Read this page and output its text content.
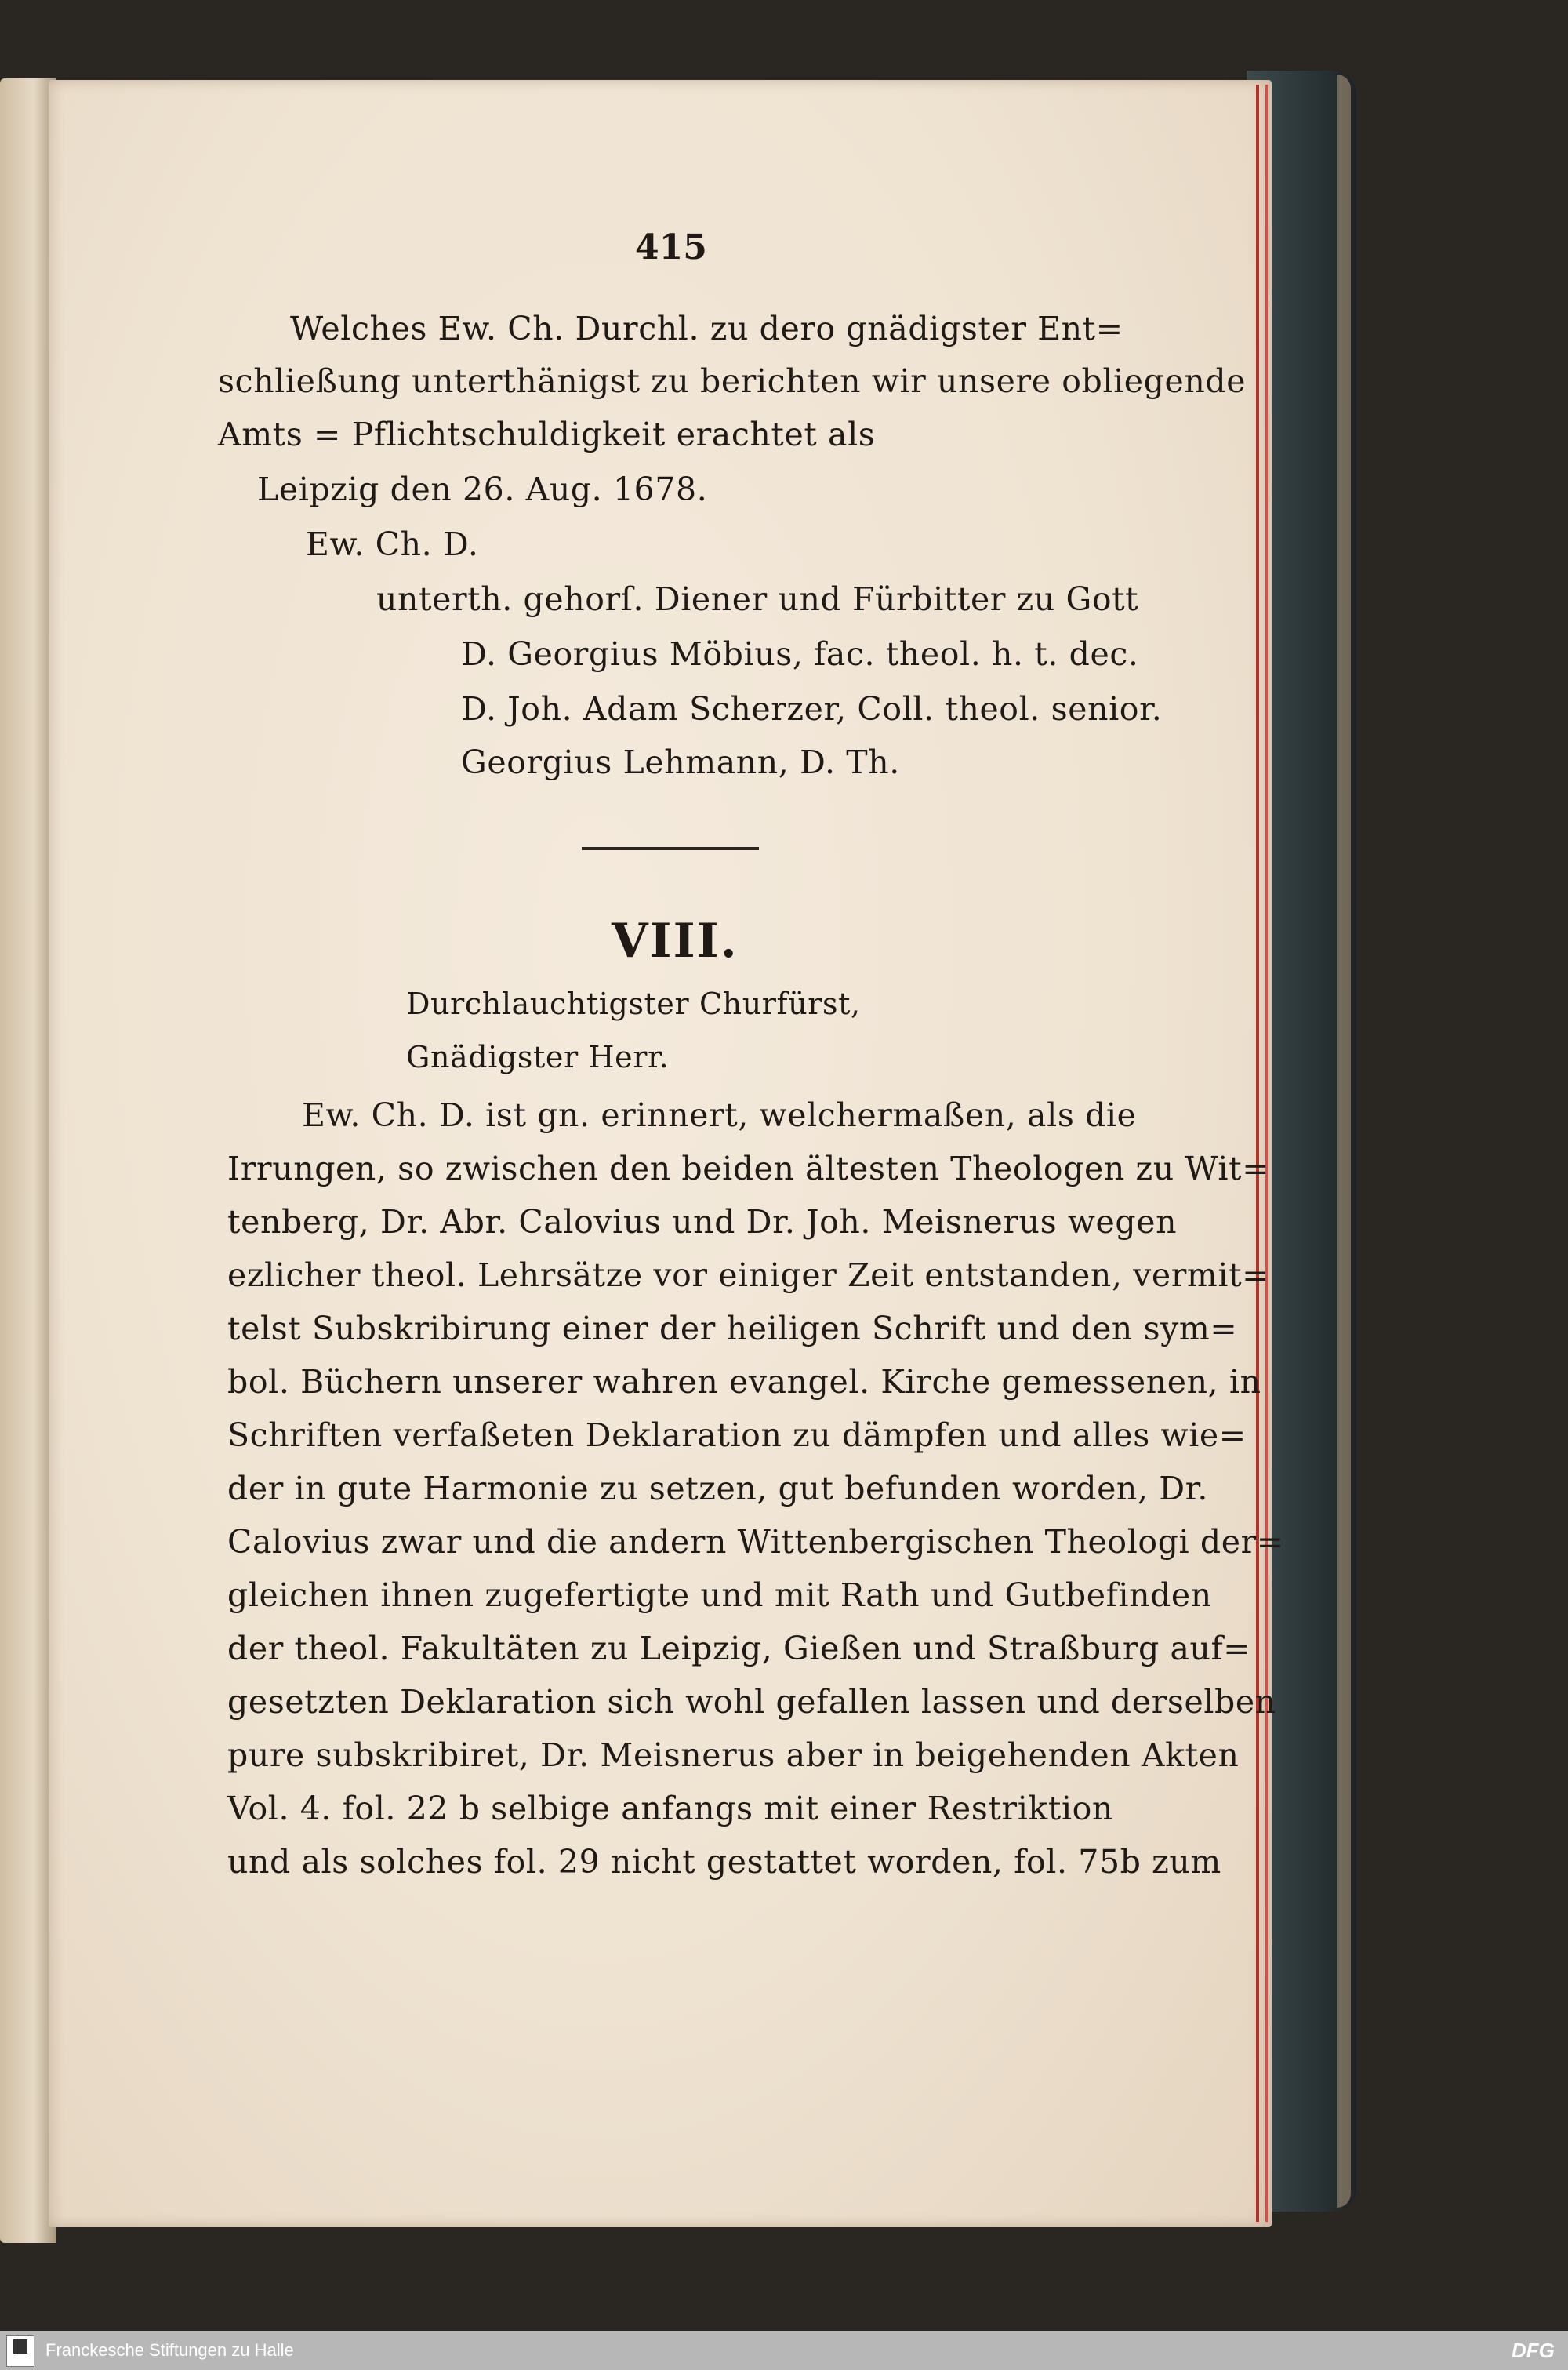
415
Welches Ew. Ch. Durchl. zu dero gnädigster Ent=
schließung unterthänigst zu berichten wir unsere obliegende
Amts = Pflichtschuldigkeit erachtet als
Leipzig den 26. Aug. 1678.
Ew. Ch. D.
unterth. gehorſ. Diener und Fürbitter zu Gott
D. Georgius Möbius, fac. theol. h. t. dec.
D. Joh. Adam Scherzer, Coll. theol. senior.
Georgius Lehmann, D. Th.
VIII.
Durchlauchtigster Churfürst,
Gnädigster Herr.
Ew. Ch. D. ist gn. erinnert, welchermaßen, als die
Irrungen, so zwischen den beiden ältesten Theologen zu Wit=
tenberg, Dr. Abr. Calovius und Dr. Joh. Meisnerus wegen
ezlicher theol. Lehrsätze vor einiger Zeit entstanden, vermit=
telst Subskribirung einer der heiligen Schrift und den sym=
bol. Büchern unserer wahren evangel. Kirche gemessenen, in
Schriften verfaßeten Deklaration zu dämpfen und alles wie=
der in gute Harmonie zu setzen, gut befunden worden, Dr.
Calovius zwar und die andern Wittenbergischen Theologi der=
gleichen ihnen zugefertigte und mit Rath und Gutbefinden
der theol. Fakultäten zu Leipzig, Gießen und Straßburg auf=
gesetzten Deklaration sich wohl gefallen lassen und derselben
pure subskribiret, Dr. Meisnerus aber in beigehenden Akten
Vol. 4. fol. 22 b selbige anfangs mit einer Restriktion
und als solches fol. 29 nicht gestattet worden, fol. 75b zum
Franckesche Stiftungen zu Halle	DFG
